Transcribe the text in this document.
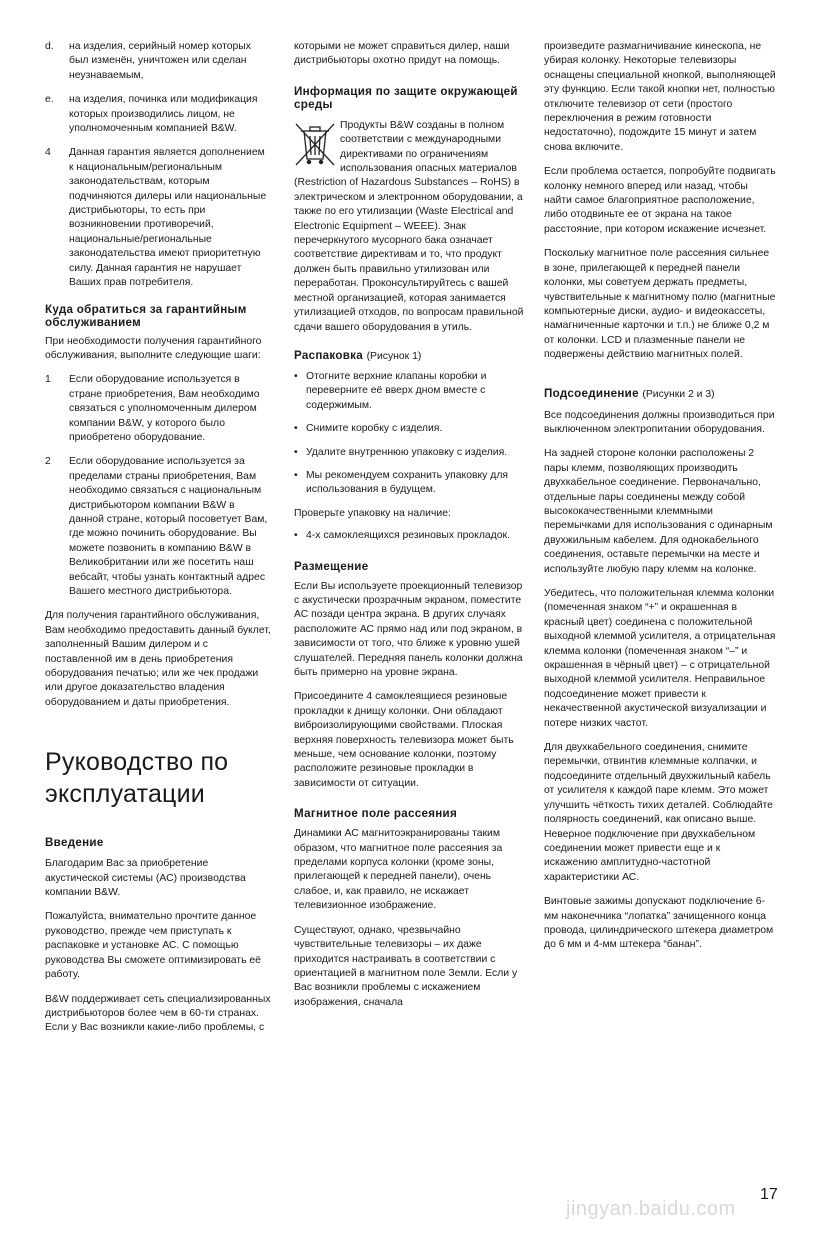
d.	на изделия, серийный номер которых был изменён, уничтожен или сделан неузнаваемым,
e.	на изделия, починка или модификация которых производились лицом, не уполномоченным компанией B&W.
4	Данная гарантия является дополнением к национальным/региональным законодательствам, которым подчиняются дилеры или национальные дистрибьюторы, то есть при возникновении противоречий, национальные/региональные законодательства имеют приоритетную силу. Данная гарантия не нарушает Ваших прав потребителя.
Куда обратиться за гарантийным обслуживанием

При необходимости получения гарантийного обслуживания, выполните следующие шаги:

1	Если оборудование используется в стране приобретения, Вам необходимо связаться с уполномоченным дилером компании B&W, у которого было приобретено оборудование.
2	Если оборудование используется за пределами страны приобретения, Вам необходимо связаться с национальным дистрибьютором компании B&W в данной стране, который посоветует Вам, где можно починить оборудование. Вы можете позвонить в компанию B&W в Великобритании или же посетить наш вебсайт, чтобы узнать контактный адрес Вашего местного дистрибьютора.

Для получения гарантийного обслуживания, Вам необходимо предоставить данный буклет, заполненный Вашим дилером и с поставленной им в день приобретения оборудования печатью; или же чек продажи или другое доказательство владения оборудованием и даты приобретения.

Руководство по
эксплуатации
Введение

Благодарим Вас за приобретение акустической системы (АС) производства компании B&W.

Пожалуйста, внимательно прочтите данное руководство, прежде чем приступать к распаковке и установке АС. С помощью руководства Вы сможете оптимизировать её работу.

B&W поддерживает сеть специализированных дистрибьюторов более чем в 60-ти странах. Если у Вас возникли какие-либо проблемы, с

которыми не может справиться дилер, наши дистрибьюторы охотно придут на помощь.

Информация по защите окружающей среды

Продукты B&W созданы в полном соответствии с международными директивами по ограничениям использования опасных материалов (Restriction of Hazardous Substances – RoHS) в электрическом и электронном оборудовании, а также по его утилизации (Waste Electrical and Electronic Equipment – WEEE). Знак перечеркнутого мусорного бака означает соответствие директивам и то, что продукт должен быть правильно утилизован или переработан. Проконсультируйтесь с вашей местной организацией, которая занимается утилизацией отходов, по вопросам правильной сдачи вашего оборудования в утиль.

Распаковка (Рисунок 1)
• Отогните верхние клапаны коробки и переверните её вверх дном вместе с содержимым.
• Снимите коробку с изделия.
• Удалите внутреннюю упаковку с изделия.
• Мы рекомендуем сохранить упаковку для использования в будущем.

Проверьте упаковку на наличие:

• 4-х самоклеящихся резиновых прокладок.
Размещение

Если Вы используете проекционный телевизор с акустически прозрачным экраном, поместите АС позади центра экрана. В других случаях расположите АС прямо над или под экраном, в зависимости от того, что ближе к уровню ушей слушателей. Передняя панель колонки должна быть примерно на уровне экрана.

Присоедините 4 самоклеящиеся резиновые прокладки к днищу колонки. Они обладают виброизолирующими свойствами. Плоская верхняя поверхность телевизора может быть меньше, чем основание колонки, поэтому расположите резиновые прокладки в зависимости от ситуации.

Магнитное поле рассеяния

Динамики АС магнитоэкранированы таким образом, что магнитное поле рассеяния за пределами корпуса колонки (кроме зоны, прилегающей к передней панели), очень слабое, и, как правило, не искажает телевизионное изображение.

Существуют, однако, чрезвычайно чувствительные телевизоры – их даже приходится настраивать в соответствии с ориентацией в магнитном поле Земли. Если у Вас возникли проблемы с искажением изображения, сначала

произведите размагничивание кинескопа, не убирая колонку. Некоторые телевизоры оснащены специальной кнопкой, выполняющей эту функцию. Если такой кнопки нет, полностью отключите телевизор от сети (простого переключения в режим готовности недостаточно), подождите 15 минут и затем снова включите.

Если проблема остается, попробуйте подвигать колонку немного вперед или назад, чтобы найти самое благоприятное расположение, либо отодвиньте ее от экрана на такое расстояние, при котором искажение исчезнет.

Поскольку магнитное поле рассеяния сильнее в зоне, прилегающей к передней панели колонки, мы советуем держать предметы, чувствительные к магнитному полю (магнитные компьютерные диски, аудио- и видеокассеты, намагниченные карточки и т.п.) не ближе 0,2 м от колонки. LCD и плазменные панели не подвержены действию магнитных полей.

Подсоединение (Рисунки 2 и 3)

Все подсоединения должны производиться при выключенном электропитании оборудования.

На задней стороне колонки расположены 2 пары клемм, позволяющих производить двухкабельное соединение. Первоначально, отдельные пары соединены между собой высококачественными клеммными перемычками для использования с одинарным двухжильным кабелем. Для однокабельного соединения, оставьте перемычки на месте и используйте любую пару клемм на колонке.

Убедитесь, что положительная клемма колонки (помеченная знаком “+” и окрашенная в красный цвет) соединена с положительной выходной клеммой усилителя, а отрицательная клемма колонки (помеченная знаком “–” и окрашенная в чёрный цвет) – с отрицательной выходной клеммой усилителя. Неправильное подсоединение может привести к некачественной акустической визуализации и потере низких частот.

Для двухкабельного соединения, снимите перемычки, отвинтив клеммные колпачки, и подсоедините отдельный двухжильный кабель от усилителя к каждой паре клемм. Это может улучшить чёткость тихих деталей. Соблюдайте полярность соединений, как описано выше. Неверное подключение при двухкабельном соединении может привести еще и к искажению амплитудно-частотной характеристики АС.

Винтовые зажимы допускают подключение 6-мм наконечника “лопатка” зачищенного конца провода, цилиндрического штекера диаметром до 6 мм и 4-мм штекера “банан”.

jingyan.baidu.com
17
